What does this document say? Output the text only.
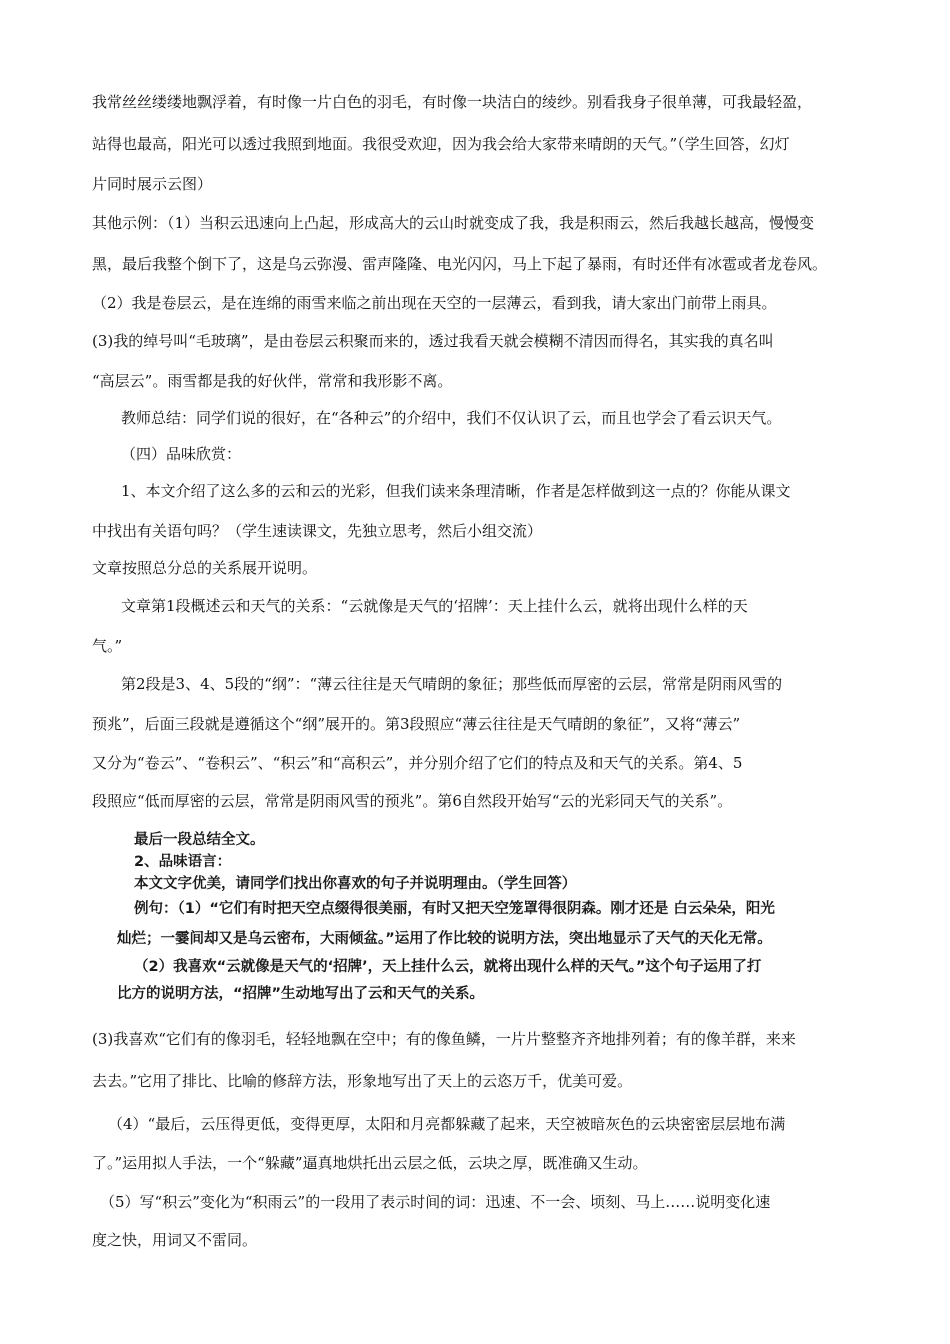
我常丝丝缕缕地飘浮着，有时像一片白色的羽毛，有时像一块洁白的绫纱。别看我身子很单薄，可我最轻盈，

站得也最高，阳光可以透过我照到地面。我很受欢迎，因为我会给大家带来晴朗的天气。”（学生回答，幻灯

片同时展示云图）

其他示例：（1）当积云迅速向上凸起，形成高大的云山时就变成了我，我是积雨云，然后我越长越高，慢慢变

黑，最后我整个倒下了，这是乌云弥漫、雷声隆隆、电光闪闪，马上下起了暴雨，有时还伴有冰雹或者龙卷风。

（2）我是卷层云，是在连绵的雨雪来临之前出现在天空的一层薄云，看到我，请大家出门前带上雨具。

(3)我的绰号叫“毛玻璃”，是由卷层云积聚而来的，透过我看天就会模糊不清因而得名，其实我的真名叫

“高层云”。雨雪都是我的好伙伴，常常和我形影不离。

教师总结：同学们说的很好，在“各种云”的介绍中，我们不仅认识了云，而且也学会了看云识天气。

（四）品味欣赏：

1、本文介绍了这么多的云和云的光彩，但我们读来条理清晰，作者是怎样做到这一点的？你能从课文

中找出有关语句吗？（学生速读课文，先独立思考，然后小组交流）

文章按照总分总的关系展开说明。

文章第1段概述云和天气的关系：“云就像是天气的‘招牌’：天上挂什么云，就将出现什么样的天

气。”

第2段是3、4、5段的“纲”：“薄云往往是天气晴朗的象征；那些低而厚密的云层，常常是阴雨风雪的

预兆”，后面三段就是遵循这个“纲”展开的。第3段照应“薄云往往是天气晴朗的象征”，又将“薄云”

又分为“卷云”、“卷积云”、“积云”和“高积云”，并分别介绍了它们的特点及和天气的关系。第4、5

段照应“低而厚密的云层，常常是阴雨风雪的预兆”。第6自然段开始写“云的光彩同天气的关系”。

最后一段总结全文。

2、品味语言：

本文文字优美，请同学们找出你喜欢的句子并说明理由。（学生回答）

例句：（1）“它们有时把天空点缀得很美丽，有时又把天空笼罩得很阴森。刚才还是 白云朵朵，阳光

灿烂；一霎间却又是乌云密布，大雨倾盆。”运用了作比较的说明方法，突出地显示了天气的天化无常。

（2）我喜欢“云就像是天气的‘招牌’，天上挂什么云，就将出现什么样的天气。”这个句子运用了打

比方的说明方法，“招牌”生动地写出了云和天气的关系。

(3)我喜欢“它们有的像羽毛，轻轻地飘在空中；有的像鱼鳞，一片片整整齐齐地排列着；有的像羊群，来来

去去。”它用了排比、比喻的修辞方法，形象地写出了天上的云恣万千，优美可爱。

（4）“最后，云压得更低，变得更厚，太阳和月亮都躲藏了起来，天空被暗灰色的云块密密层层地布满

了。”运用拟人手法，一个“躲藏”逼真地烘托出云层之低，云块之厚，既准确又生动。

（5）写“积云”变化为“积雨云”的一段用了表示时间的词：迅速、不一会、顷刻、马上……说明变化速

度之快，用词又不雷同。
